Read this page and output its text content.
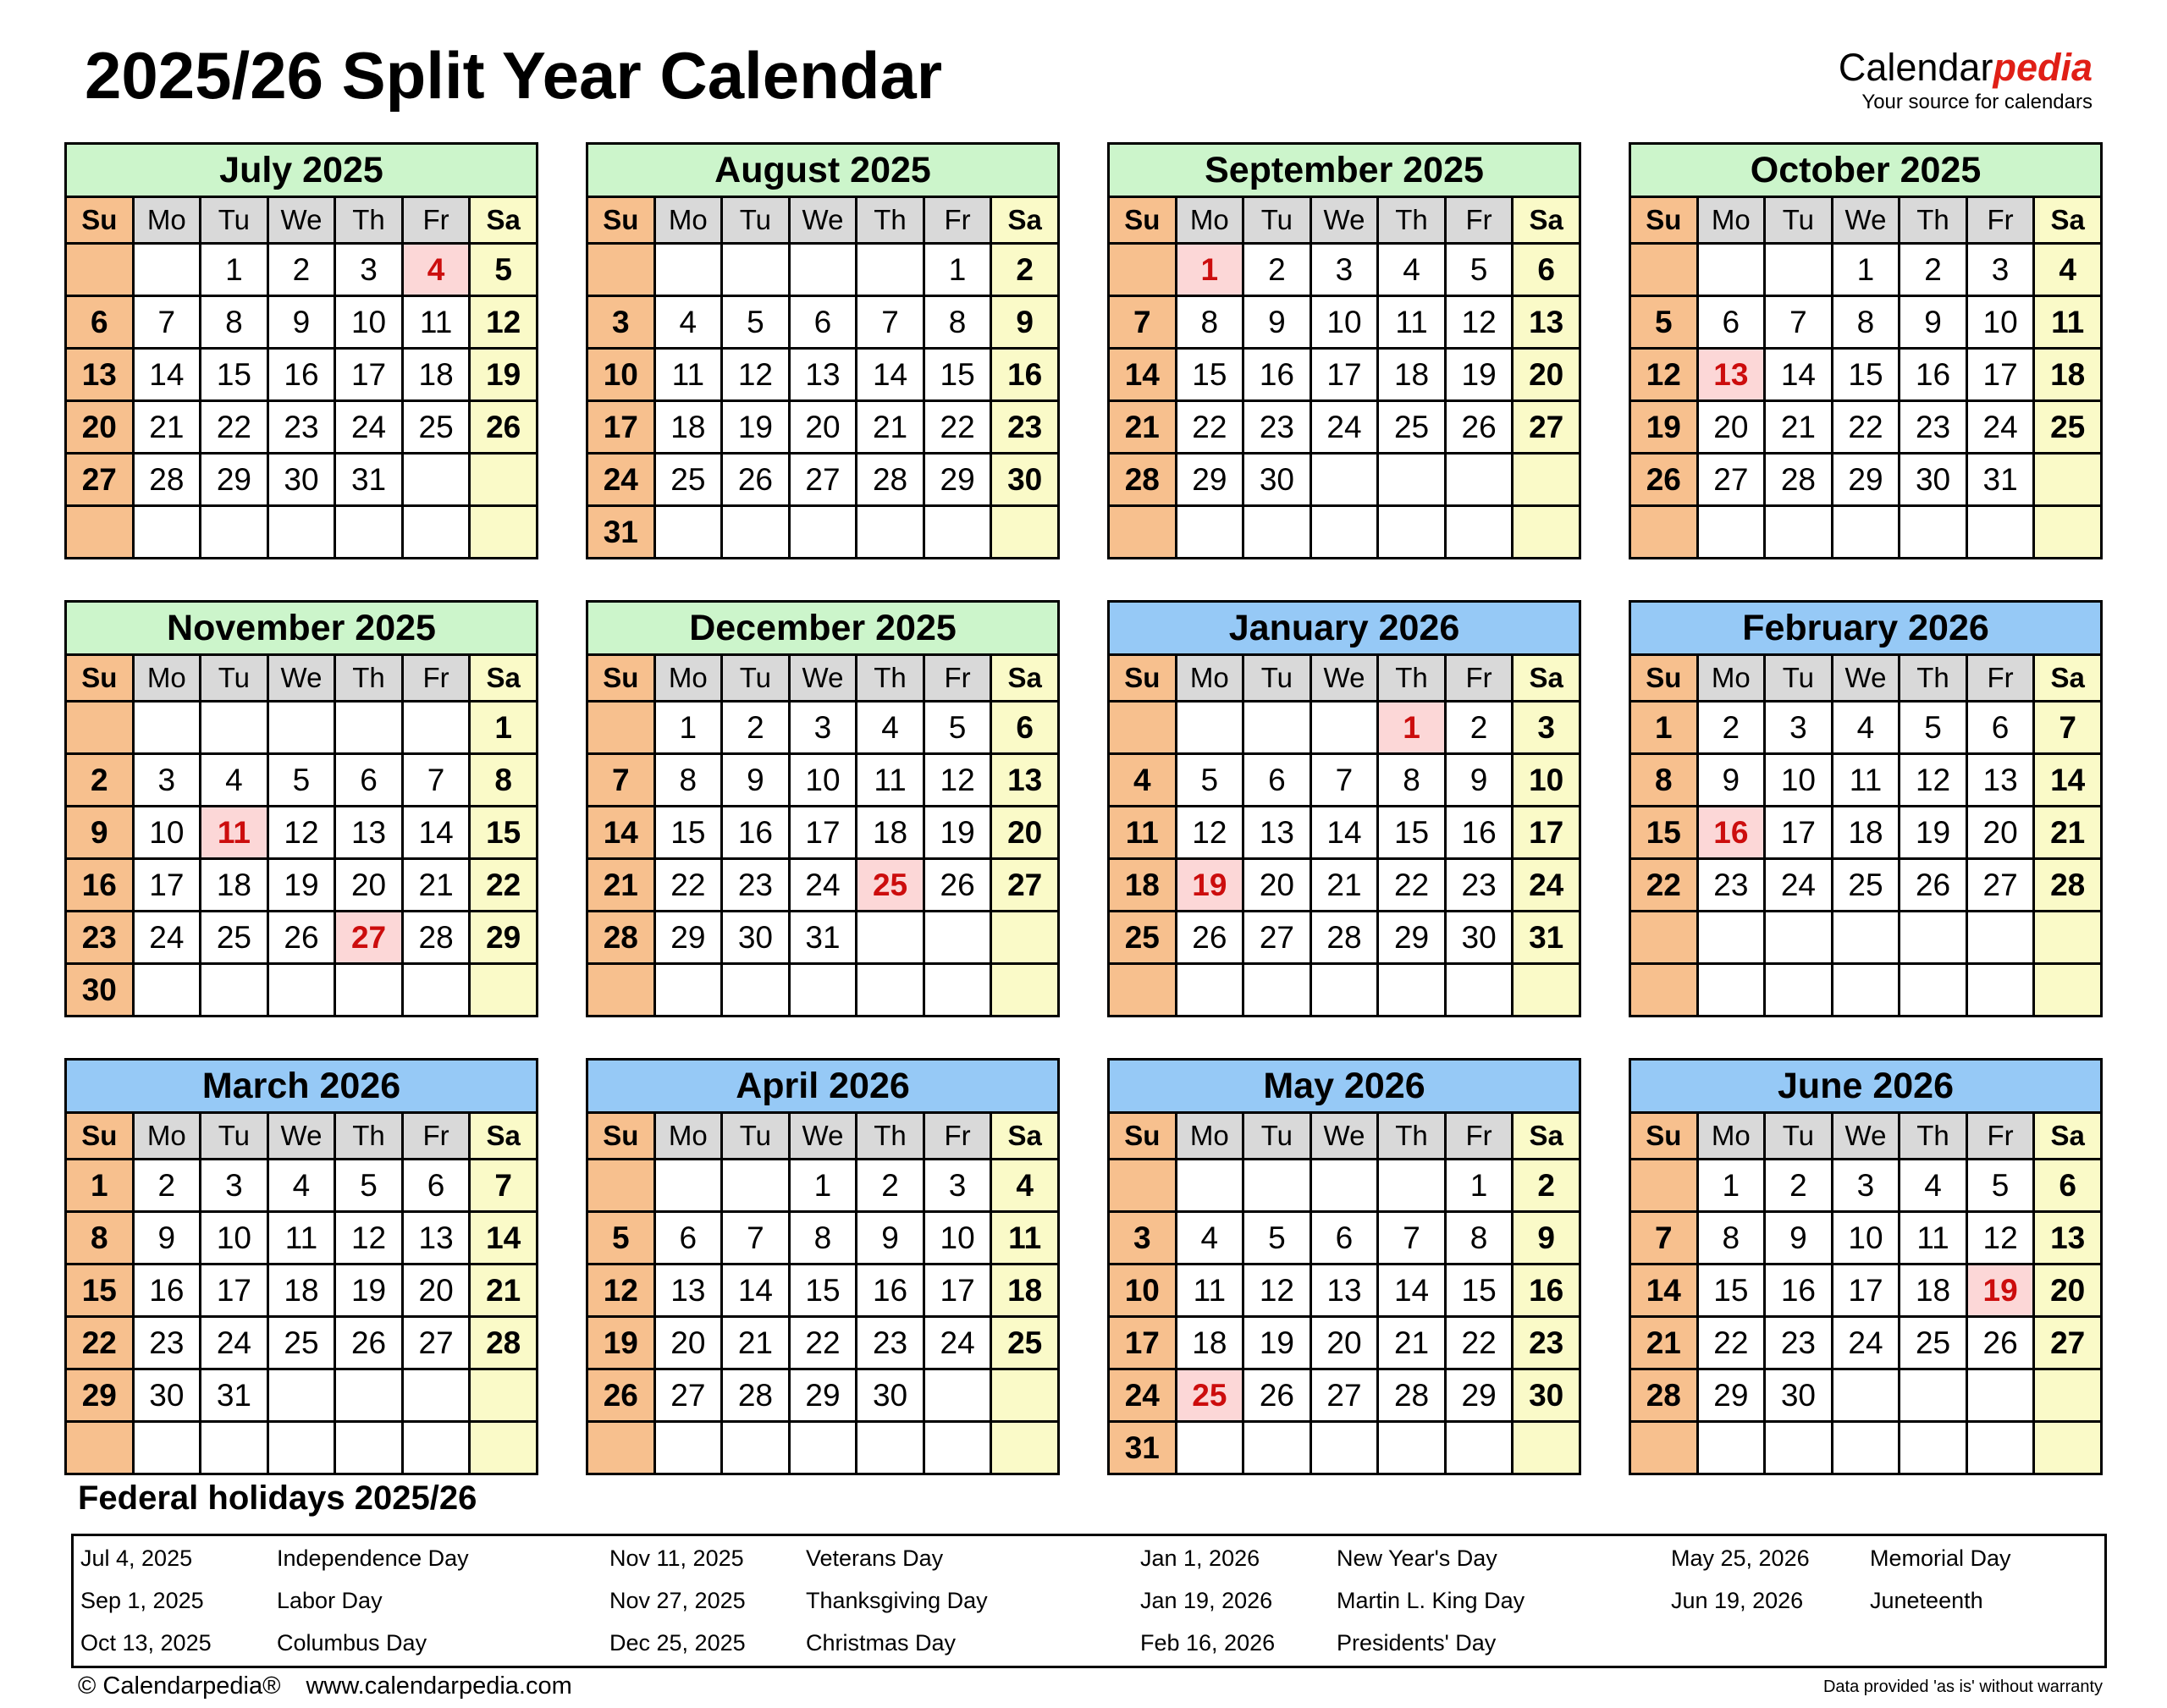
2025/26 Split Year Calendar	Calendarpedia
Your source for calendars
July 2025						
Su	Mo	Tu	We	Th	Fr	Sa
		1	2	3	4	5
6	7	8	9	10	11	12
13	14	15	16	17	18	19
20	21	22	23	24	25	26
27	28	29	30	31		

August 2025						
Su	Mo	Tu	We	Th	Fr	Sa
					1	2
3	4	5	6	7	8	9
10	11	12	13	14	15	16
17	18	19	20	21	22	23
24	25	26	27	28	29	30
31						
September 2025						
Su	Mo	Tu	We	Th	Fr	Sa
	1	2	3	4	5	6
7	8	9	10	11	12	13
14	15	16	17	18	19	20
21	22	23	24	25	26	27
28	29	30				

October 2025						
Su	Mo	Tu	We	Th	Fr	Sa
			1	2	3	4
5	6	7	8	9	10	11
12	13	14	15	16	17	18
19	20	21	22	23	24	25
26	27	28	29	30	31	

November 2025						
Su	Mo	Tu	We	Th	Fr	Sa
						1
2	3	4	5	6	7	8
9	10	11	12	13	14	15
16	17	18	19	20	21	22
23	24	25	26	27	28	29
30						
December 2025						
Su	Mo	Tu	We	Th	Fr	Sa
	1	2	3	4	5	6
7	8	9	10	11	12	13
14	15	16	17	18	19	20
21	22	23	24	25	26	27
28	29	30	31			

January 2026						
Su	Mo	Tu	We	Th	Fr	Sa
				1	2	3
4	5	6	7	8	9	10
11	12	13	14	15	16	17
18	19	20	21	22	23	24
25	26	27	28	29	30	31

February 2026						
Su	Mo	Tu	We	Th	Fr	Sa
1	2	3	4	5	6	7
8	9	10	11	12	13	14
15	16	17	18	19	20	21
22	23	24	25	26	27	28

March 2026						
Su	Mo	Tu	We	Th	Fr	Sa
1	2	3	4	5	6	7
8	9	10	11	12	13	14
15	16	17	18	19	20	21
22	23	24	25	26	27	28
29	30	31				

April 2026						
Su	Mo	Tu	We	Th	Fr	Sa
			1	2	3	4
5	6	7	8	9	10	11
12	13	14	15	16	17	18
19	20	21	22	23	24	25
26	27	28	29	30		

May 2026						
Su	Mo	Tu	We	Th	Fr	Sa
					1	2
3	4	5	6	7	8	9
10	11	12	13	14	15	16
17	18	19	20	21	22	23
24	25	26	27	28	29	30
31						
June 2026						
Su	Mo	Tu	We	Th	Fr	Sa
	1	2	3	4	5	6
7	8	9	10	11	12	13
14	15	16	17	18	19	20
21	22	23	24	25	26	27
28	29	30				

Federal holidays 2025/26
Jul 4, 2025	Independence Day	Nov 11, 2025	Veterans Day	Jan 1, 2026	New Year's Day	May 25, 2026	Memorial Day
Sep 1, 2025	Labor Day	Nov 27, 2025	Thanksgiving Day	Jan 19, 2026	Martin L. King Day	Jun 19, 2026	Juneteenth
Oct 13, 2025	Columbus Day	Dec 25, 2025	Christmas Day	Feb 16, 2026	Presidents' Day
© Calendarpedia® www.calendarpedia.com	Data provided 'as is' without warranty
